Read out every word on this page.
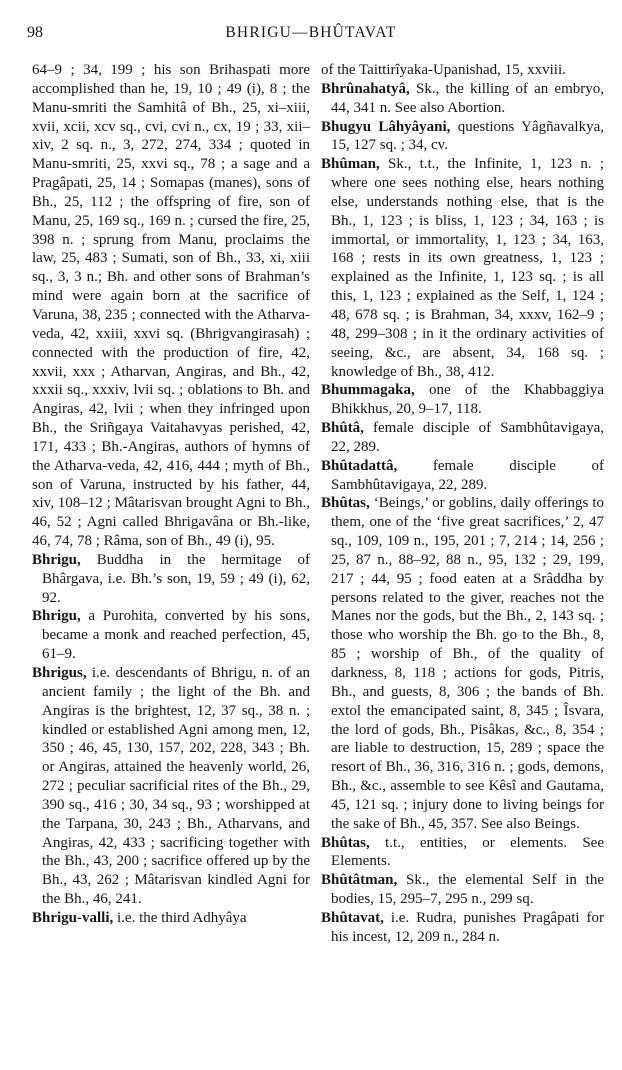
98	BHRIGU—BHÛTAVAT

64–9 ; 34, 199 ; his son Brihaspati more accomplished than he, 19, 10 ; 49 (i), 8 ; the Manu-smriti the Samhitâ of Bh., 25, xi–xiii, xvii, xcii, xcv sq., cvi, cvi n., cx, 19 ; 33, xii–xiv, 2 sq. n., 3, 272, 274, 334 ; quoted in Manu-smriti, 25, xxvi sq., 78 ; a sage and a Pragâpati, 25, 14 ; Somapas (manes), sons of Bh., 25, 112 ; the offspring of fire, son of Manu, 25, 169 sq., 169 n. ; cursed the fire, 25, 398 n. ; sprung from Manu, proclaims the law, 25, 483 ; Sumati, son of Bh., 33, xi, xiii sq., 3, 3 n.; Bh. and other sons of Brahman’s mind were again born at the sacrifice of Varuna, 38, 235 ; connected with the Atharva-veda, 42, xxiii, xxvi sq. (Bhrigvangirasah) ; connected with the production of fire, 42, xxvii, xxx ; Atharvan, Angiras, and Bh., 42, xxxii sq., xxxiv, lvii sq. ; oblations to Bh. and Angiras, 42, lvii ; when they infringed upon Bh., the Sriñgaya Vaitahavyas perished, 42, 171, 433 ; Bh.-Angiras, authors of hymns of the Atharva-veda, 42, 416, 444 ; myth of Bh., son of Varuna, instructed by his father, 44, xiv, 108–12 ; Mâtarisvan brought Agni to Bh., 46, 52 ; Agni called Bhrigavâna or Bh.-like, 46, 74, 78 ; Râma, son of Bh., 49 (i), 95.

Bhrigu, Buddha in the hermitage of Bhârgava, i.e. Bh.’s son, 19, 59 ; 49 (i), 62, 92.

Bhrigu, a Purohita, converted by his sons, became a monk and reached perfection, 45, 61–9.

Bhrigus, i.e. descendants of Bhrigu, n. of an ancient family ; the light of the Bh. and Angiras is the brightest, 12, 37 sq., 38 n. ; kindled or established Agni among men, 12, 350 ; 46, 45, 130, 157, 202, 228, 343 ; Bh. or Angiras, attained the heavenly world, 26, 272 ; peculiar sacrificial rites of the Bh., 29, 390 sq., 416 ; 30, 34 sq., 93 ; worshipped at the Tarpana, 30, 243 ; Bh., Atharvans, and Angiras, 42, 433 ; sacrificing together with the Bh., 43, 200 ; sacrifice offered up by the Bh., 43, 262 ; Mâtarisvan kindled Agni for the Bh., 46, 241.

Bhrigu-valli, i.e. the third Adhyâya

of the Taittirîyaka-Upanishad, 15, xxviii.

Bhrûnahatyâ, Sk., the killing of an embryo, 44, 341 n. See also Abortion.

Bhugyu Lâhyâyani, questions Yâgñavalkya, 15, 127 sq. ; 34, cv.

Bhûman, Sk., t.t., the Infinite, 1, 123 n. ; where one sees nothing else, hears nothing else, understands nothing else, that is the Bh., 1, 123 ; is bliss, 1, 123 ; 34, 163 ; is immortal, or immortality, 1, 123 ; 34, 163, 168 ; rests in its own greatness, 1, 123 ; explained as the Infinite, 1, 123 sq. ; is all this, 1, 123 ; explained as the Self, 1, 124 ; 48, 678 sq. ; is Brahman, 34, xxxv, 162–9 ; 48, 299–308 ; in it the ordinary activities of seeing, &c., are absent, 34, 168 sq. ; knowledge of Bh., 38, 412.

Bhummagaka, one of the Khabbaggiya Bhikkhus, 20, 9–17, 118.

Bhûtâ, female disciple of Sambhûtavigaya, 22, 289.

Bhûtadattâ, female disciple of Sambhûtavigaya, 22, 289.

Bhûtas, ‘Beings,’ or goblins, daily offerings to them, one of the ‘five great sacrifices,’ 2, 47 sq., 109, 109 n., 195, 201 ; 7, 214 ; 14, 256 ; 25, 87 n., 88–92, 88 n., 95, 132 ; 29, 199, 217 ; 44, 95 ; food eaten at a Srâddha by persons related to the giver, reaches not the Manes nor the gods, but the Bh., 2, 143 sq. ; those who worship the Bh. go to the Bh., 8, 85 ; worship of Bh., of the quality of darkness, 8, 118 ; actions for gods, Pitris, Bh., and guests, 8, 306 ; the bands of Bh. extol the emancipated saint, 8, 345 ; Îsvara, the lord of gods, Bh., Pisâkas, &c., 8, 354 ; are liable to destruction, 15, 289 ; space the resort of Bh., 36, 316, 316 n. ; gods, demons, Bh., &c., assemble to see Kêsî and Gautama, 45, 121 sq. ; injury done to living beings for the sake of Bh., 45, 357. See also Beings.

Bhûtas, t.t., entities, or elements. See Elements.

Bhûtâtman, Sk., the elemental Self in the bodies, 15, 295–7, 295 n., 299 sq.

Bhûtavat, i.e. Rudra, punishes Pragâpati for his incest, 12, 209 n., 284 n.
